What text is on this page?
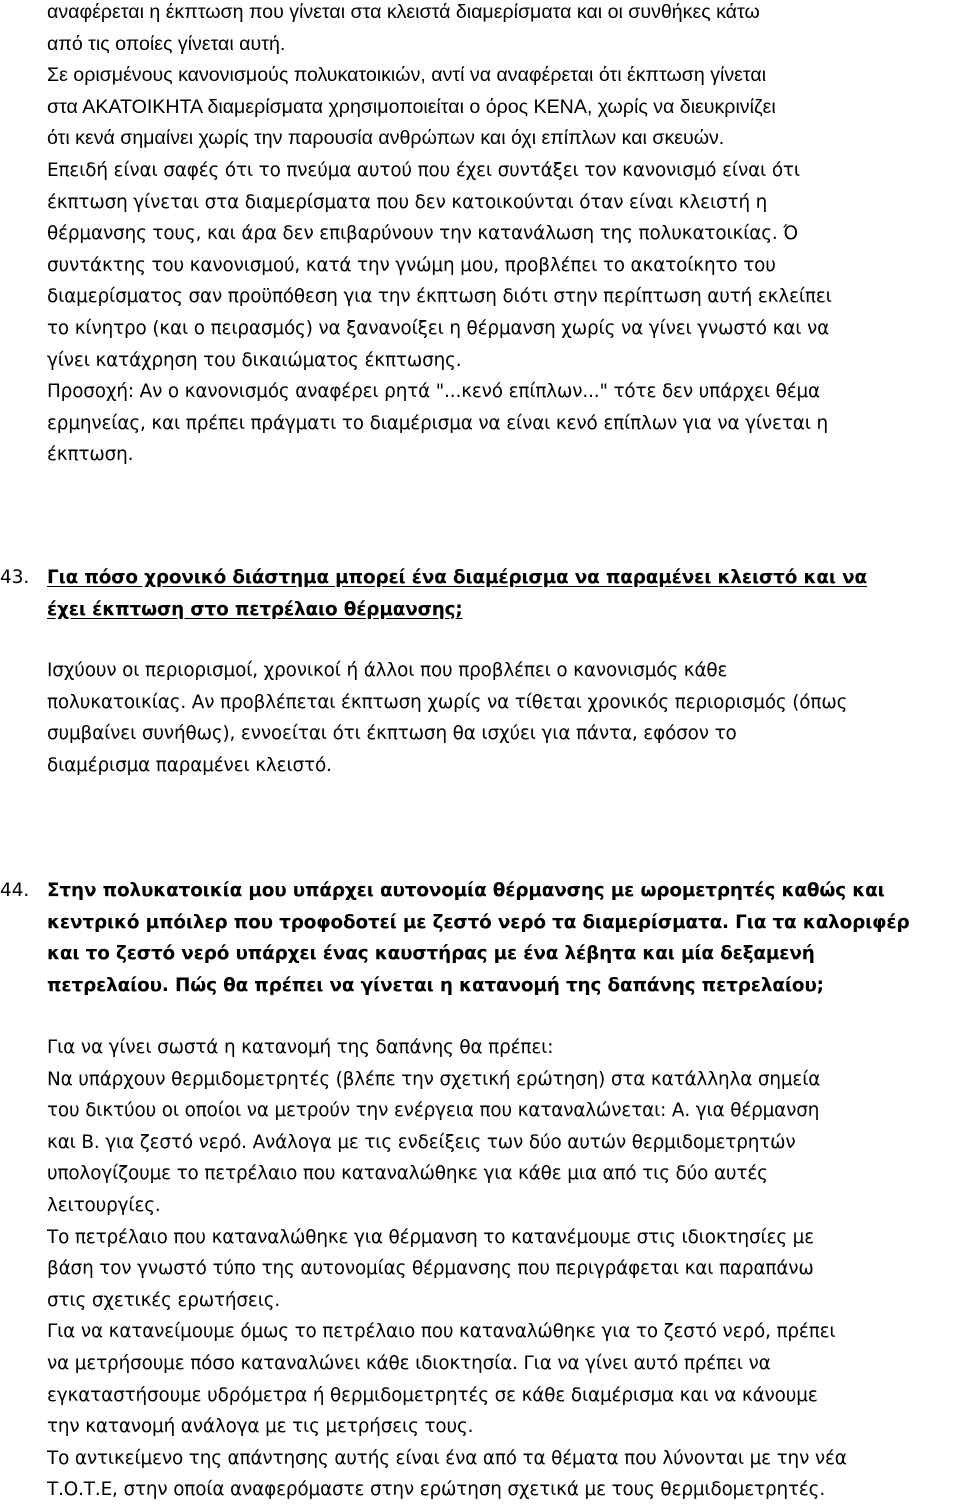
αναφέρεται η έκπτωση που γίνεται στα κλειστά διαμερίσματα και οι συνθήκες κάτω
από τις οποίες γίνεται αυτή.
Σε ορισμένους κανονισμούς πολυκατοικιών, αντί να αναφέρεται ότι έκπτωση γίνεται
στα ΑΚΑΤΟΙΚΗΤΑ διαμερίσματα χρησιμοποιείται ο όρος ΚΕΝΑ, χωρίς να διευκρινίζει
ότι κενά σημαίνει χωρίς την παρουσία ανθρώπων και όχι επίπλων και σκευών.
Επειδή είναι σαφές ότι το πνεύμα αυτού που έχει συντάξει τον κανονισμό είναι ότι
έκπτωση γίνεται στα διαμερίσματα που δεν κατοικούνται όταν είναι κλειστή η
θέρμανσης τους, και άρα δεν επιβαρύνουν την κατανάλωση της πολυκατοικίας. Ό
συντάκτης του κανονισμού, κατά την γνώμη μου, προβλέπει το ακατοίκητο του
διαμερίσματος σαν προϋπόθεση για την έκπτωση διότι στην περίπτωση αυτή εκλείπει
το κίνητρο (και ο πειρασμός) να ξανανοίξει η θέρμανση χωρίς να γίνει γνωστό και να
γίνει κατάχρηση του δικαιώματος έκπτωσης.
Προσοχή: Αν ο κανονισμός αναφέρει ρητά "...κενό επίπλων..." τότε δεν υπάρχει θέμα
ερμηνείας, και πρέπει πράγματι το διαμέρισμα να είναι κενό επίπλων για να γίνεται η
έκπτωση.
43. Για πόσο χρονικό διάστημα μπορεί ένα διαμέρισμα να παραμένει κλειστό και να
έχει έκπτωση στο πετρέλαιο θέρμανσης;
Ισχύουν οι περιορισμοί, χρονικοί ή άλλοι που προβλέπει ο κανονισμός κάθε
πολυκατοικίας. Αν προβλέπεται έκπτωση χωρίς να τίθεται χρονικός περιορισμός (όπως
συμβαίνει συνήθως), εννοείται ότι έκπτωση θα ισχύει για πάντα, εφόσον το
διαμέρισμα παραμένει κλειστό.
44. Στην πολυκατοικία μου υπάρχει αυτονομία θέρμανσης με ωρομετρητές καθώς και
κεντρικό μπόιλερ που τροφοδοτεί με ζεστό νερό τα διαμερίσματα. Για τα καλοριφέρ
και το ζεστό νερό υπάρχει ένας καυστήρας με ένα λέβητα και μία δεξαμενή
πετρελαίου. Πώς θα πρέπει να γίνεται η κατανομή της δαπάνης πετρελαίου;
Για να γίνει σωστά η κατανομή της δαπάνης θα πρέπει:
Να υπάρχουν θερμιδομετρητές (βλέπε την σχετική ερώτηση) στα κατάλληλα σημεία
του δικτύου οι οποίοι να μετρούν την ενέργεια που καταναλώνεται: Α. για θέρμανση
και Β. για ζεστό νερό. Ανάλογα με τις ενδείξεις των δύο αυτών θερμιδομετρητών
υπολογίζουμε το πετρέλαιο που καταναλώθηκε για κάθε μια από τις δύο αυτές
λειτουργίες.
Το πετρέλαιο που καταναλώθηκε για θέρμανση το κατανέμουμε στις ιδιοκτησίες με
βάση τον γνωστό τύπο της αυτονομίας θέρμανσης που περιγράφεται και παραπάνω
στις σχετικές ερωτήσεις.
Για να κατανείμουμε όμως το πετρέλαιο που καταναλώθηκε για το ζεστό νερό, πρέπει
να μετρήσουμε πόσο καταναλώνει κάθε ιδιοκτησία. Για να γίνει αυτό πρέπει να
εγκαταστήσουμε υδρόμετρα ή θερμιδομετρητές σε κάθε διαμέρισμα και να κάνουμε
την κατανομή ανάλογα με τις μετρήσεις τους.
Το αντικείμενο της απάντησης αυτής είναι ένα από τα θέματα που λύνονται με την νέα
Τ.Ο.Τ.Ε, στην οποία αναφερόμαστε στην ερώτηση σχετικά με τους θερμιδομετρητές.
